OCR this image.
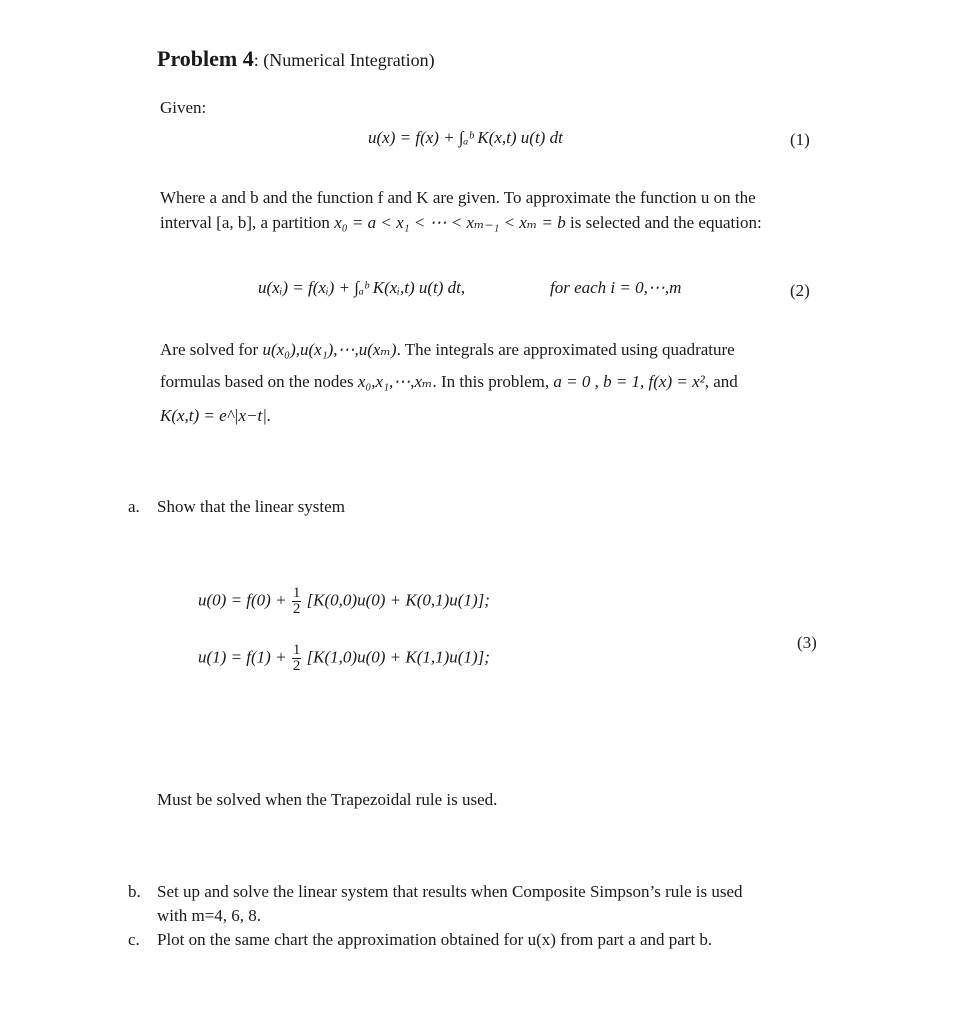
Problem 4: (Numerical Integration)
Given:
u(x) = f(x) + ∫ₐᵇ K(x,t) u(t) dt	(1)
Where a and b and the function f and K are given. To approximate the function u on the
interval [a, b], a partition x₀ = a < x₁ < ⋯ < xₘ₋₁ < xₘ = b is selected and the equation:
u(xᵢ) = f(xᵢ) + ∫ₐᵇ K(xᵢ,t) u(t) dt,	for each i = 0,⋯,m	(2)
Are solved for u(x₀),u(x₁),⋯,u(xₘ). The integrals are approximated using quadrature
formulas based on the nodes x₀,x₁,⋯,xₘ. In this problem, a = 0 , b = 1, f(x) = x², and
K(x,t) = e^|x−t|.
a. Show that the linear system
$u(0) = f(0) + \frac{1}{2} [K(0,0)u(0) + K(0,1)u(1)]$;
$u(1) = f(1) + \frac{1}{2} [K(1,0)u(0) + K(1,1)u(1)]$;
(3)
Must be solved when the Trapezoidal rule is used.
b. Set up and solve the linear system that results when Composite Simpson’s rule is used
with m=4, 6, 8.
c. Plot on the same chart the approximation obtained for u(x) from part a and part b.
